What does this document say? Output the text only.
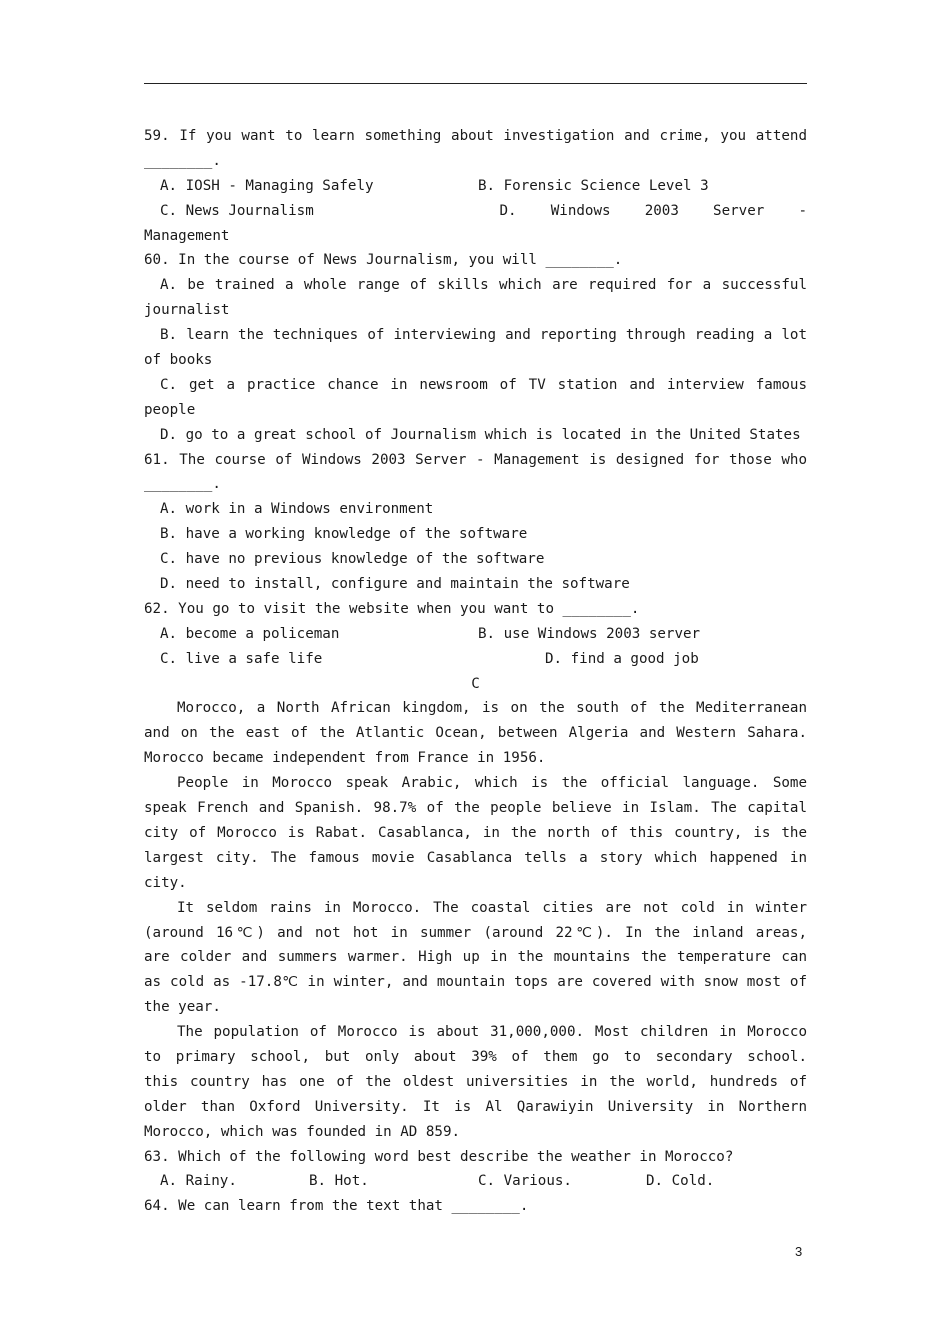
59. If you want to learn something about investigation and crime, you attend
________.
A. IOSH - Managing Safely	B. Forensic Science Level 3
C. News Journalism	D.    Windows    2003    Server    -
Management
60. In the course of News Journalism, you will ________.
A. be trained a whole range of skills which are required for a successful
journalist
B. learn the techniques of interviewing and reporting through reading a lot
of books
C. get a practice chance in newsroom of TV station and interview famous
people
D. go to a great school of Journalism which is located in the United States
61. The course of Windows 2003 Server - Management is designed for those who
________.
A. work in a Windows environment
B. have a working knowledge of the software
C. have no previous knowledge of the software
D. need to install, configure and maintain the software
62. You go to visit the website when you want to ________.
A. become a policeman	B. use Windows 2003 server
C. live a safe life	D. find a good job
C
Morocco, a North African kingdom, is on the south of the Mediterranean
and on the east of the Atlantic Ocean, between Algeria and Western Sahara.
Morocco became independent from France in 1956.
People in Morocco speak Arabic, which is the official language. Some
speak French and Spanish. 98.7% of the people believe in Islam. The capital
city of Morocco is Rabat. Casablanca, in the north of this country, is the
largest city. The famous movie Casablanca tells a story which happened in
city.
It seldom rains in Morocco. The coastal cities are not cold in winter
(around 16℃) and not hot in summer (around 22℃). In the inland areas,
are colder and summers warmer. High up in the mountains the temperature can
as cold as -17.8℃ in winter, and mountain tops are covered with snow most of
the year.
The population of Morocco is about 31,000,000. Most children in Morocco
to primary school, but only about 39% of them go to secondary school.
this country has one of the oldest universities in the world, hundreds of
older than Oxford University. It is Al Qarawiyin University in Northern
Morocco, which was founded in AD 859.
63. Which of the following word best describe the weather in Morocco?
A. Rainy.	B. Hot.	C. Various.	D. Cold.
64. We can learn from the text that ________.
3
